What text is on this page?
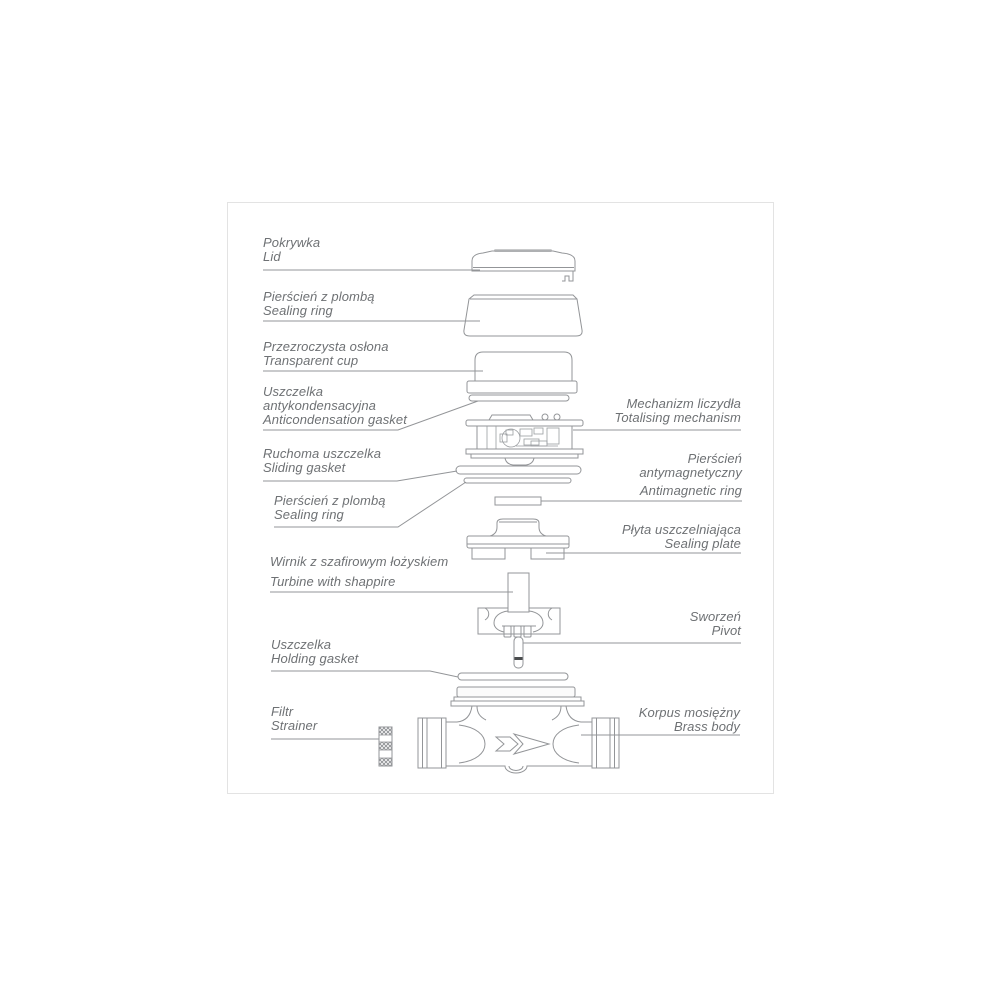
Pokrywka
Lid
Pierścień z plombą
Sealing ring
Przezroczysta osłona
Transparent cup
Uszczelka
antykondensacyjna
Anticondensation gasket
Ruchoma uszczelka
Sliding gasket
Pierścień z plombą
Sealing ring
Wirnik z szafirowym łożyskiem
Turbine with shappire
Uszczelka
Holding gasket
Filtr
Strainer
Mechanizm liczydła
Totalising mechanism
Pierścień
antymagnetyczny
Antimagnetic ring
Płyta uszczelniająca
Sealing plate
Sworzeń
Pivot
Korpus mosiężny
Brass body
